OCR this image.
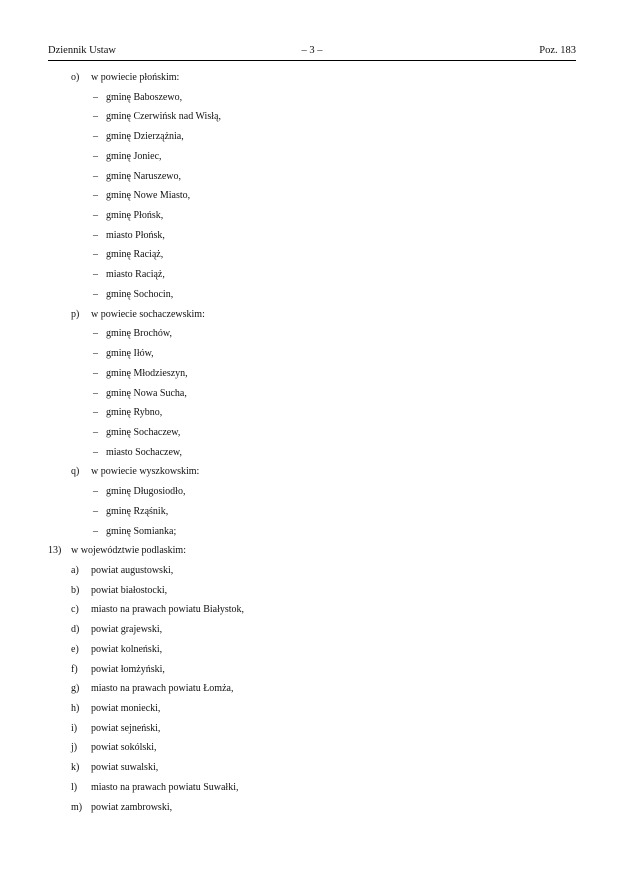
Dziennik Ustaw	– 3 –	Poz. 183
o) w powiecie płońskim:
– gminę Baboszewo,
– gminę Czerwińsk nad Wisłą,
– gminę Dzierzążnia,
– gminę Joniec,
– gminę Naruszewo,
– gminę Nowe Miasto,
– gminę Płońsk,
– miasto Płońsk,
– gminę Raciąż,
– miasto Raciąż,
– gminę Sochocin,
p) w powiecie sochaczewskim:
– gminę Brochów,
– gminę Iłów,
– gminę Młodzieszyn,
– gminę Nowa Sucha,
– gminę Rybno,
– gminę Sochaczew,
– miasto Sochaczew,
q) w powiecie wyszkowskim:
– gminę Długosiodło,
– gminę Rząśnik,
– gminę Somianka;
13) w województwie podlaskim:
a) powiat augustowski,
b) powiat białostocki,
c) miasto na prawach powiatu Białystok,
d) powiat grajewski,
e) powiat kolneński,
f) powiat łomżyński,
g) miasto na prawach powiatu Łomża,
h) powiat moniecki,
i) powiat sejneński,
j) powiat sokólski,
k) powiat suwalski,
l) miasto na prawach powiatu Suwałki,
m) powiat zambrowski,
